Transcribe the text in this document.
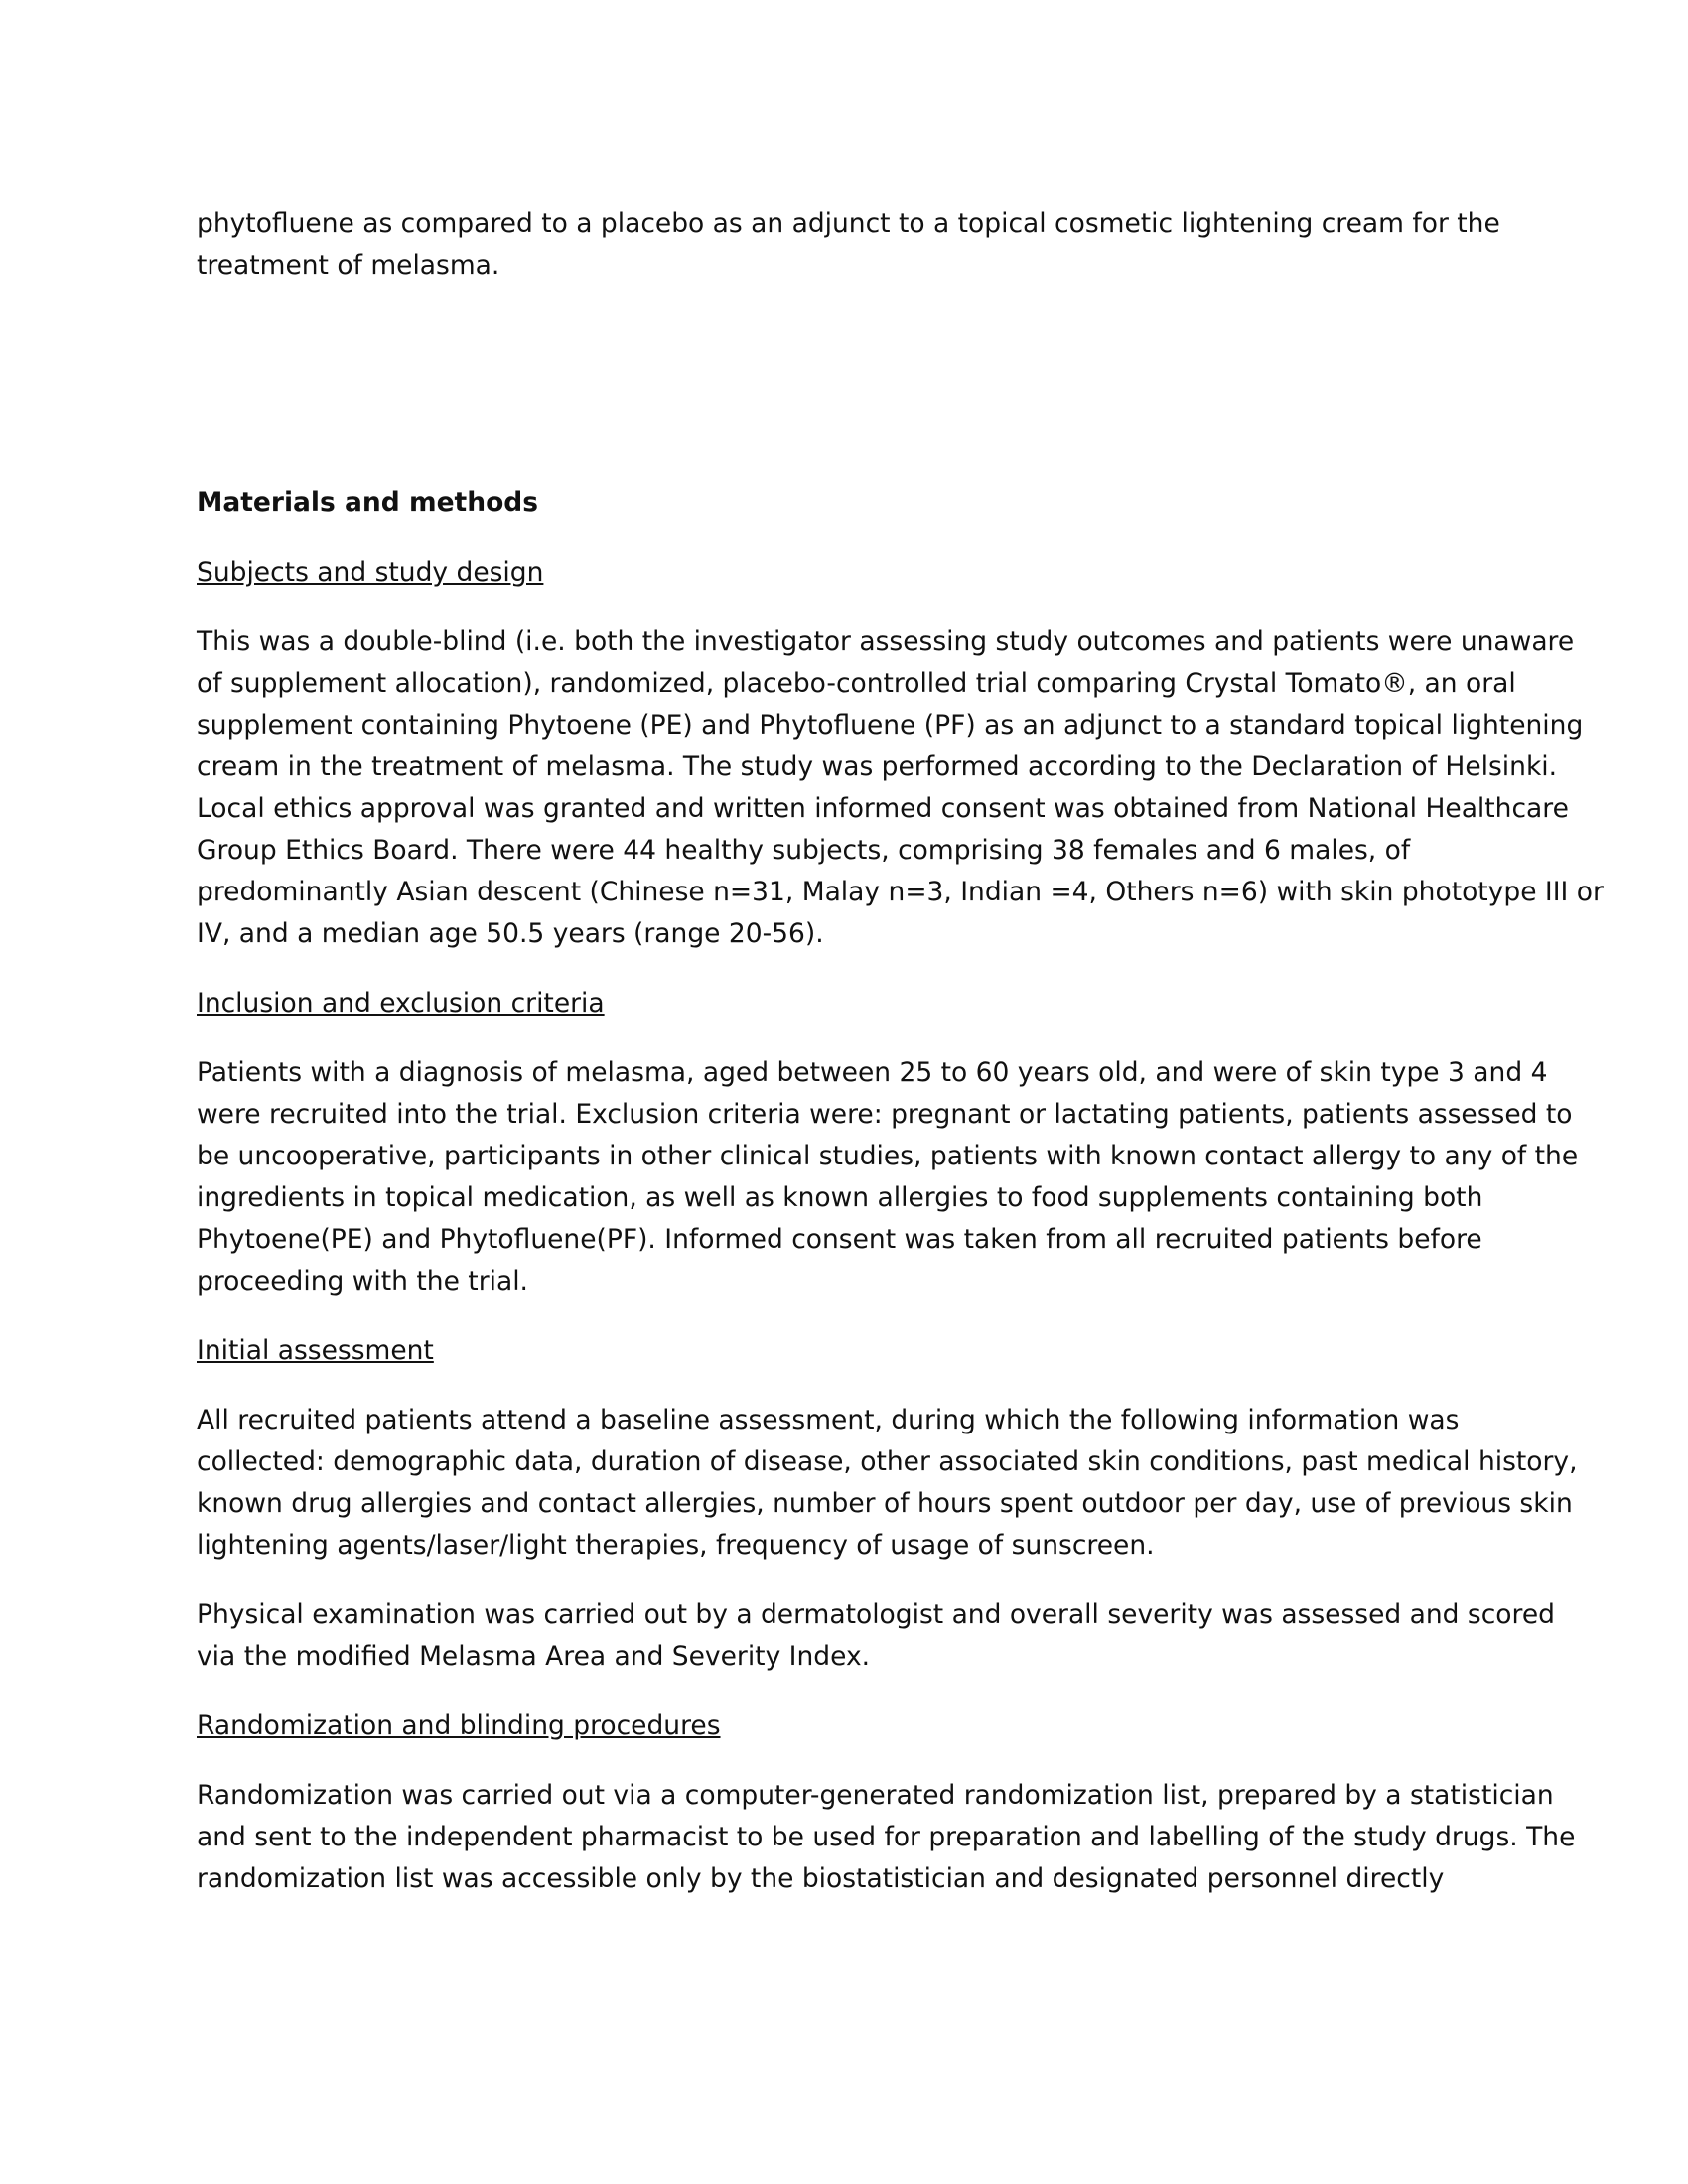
phytofluene as compared to a placebo as an adjunct to a topical cosmetic lightening cream for the
treatment of melasma.
Materials and methods
Subjects and study design
This was a double-blind (i.e. both the investigator assessing study outcomes and patients were unaware
of supplement allocation), randomized, placebo-controlled trial comparing Crystal Tomato®, an oral
supplement containing Phytoene (PE) and Phytofluene (PF) as an adjunct to a standard topical lightening
cream in the treatment of melasma. The study was performed according to the Declaration of Helsinki.
Local ethics approval was granted and written informed consent was obtained from National Healthcare
Group Ethics Board. There were 44 healthy subjects, comprising 38 females and 6 males, of
predominantly Asian descent (Chinese n=31, Malay n=3, Indian =4, Others n=6) with skin phototype III or
IV, and a median age 50.5 years (range 20-56).
Inclusion and exclusion criteria
Patients with a diagnosis of melasma, aged between 25 to 60 years old, and were of skin type 3 and 4
were recruited into the trial. Exclusion criteria were: pregnant or lactating patients, patients assessed to
be uncooperative, participants in other clinical studies, patients with known contact allergy to any of the
ingredients in topical medication, as well as known allergies to food supplements containing both
Phytoene(PE) and Phytofluene(PF). Informed consent was taken from all recruited patients before
proceeding with the trial.
Initial assessment
All recruited patients attend a baseline assessment, during which the following information was
collected: demographic data, duration of disease, other associated skin conditions, past medical history,
known drug allergies and contact allergies, number of hours spent outdoor per day, use of previous skin
lightening agents/laser/light therapies, frequency of usage of sunscreen.
Physical examination was carried out by a dermatologist and overall severity was assessed and scored
via the modified Melasma Area and Severity Index.
Randomization and blinding procedures
Randomization was carried out via a computer-generated randomization list, prepared by a statistician
and sent to the independent pharmacist to be used for preparation and labelling of the study drugs. The
randomization list was accessible only by the biostatistician and designated personnel directly
